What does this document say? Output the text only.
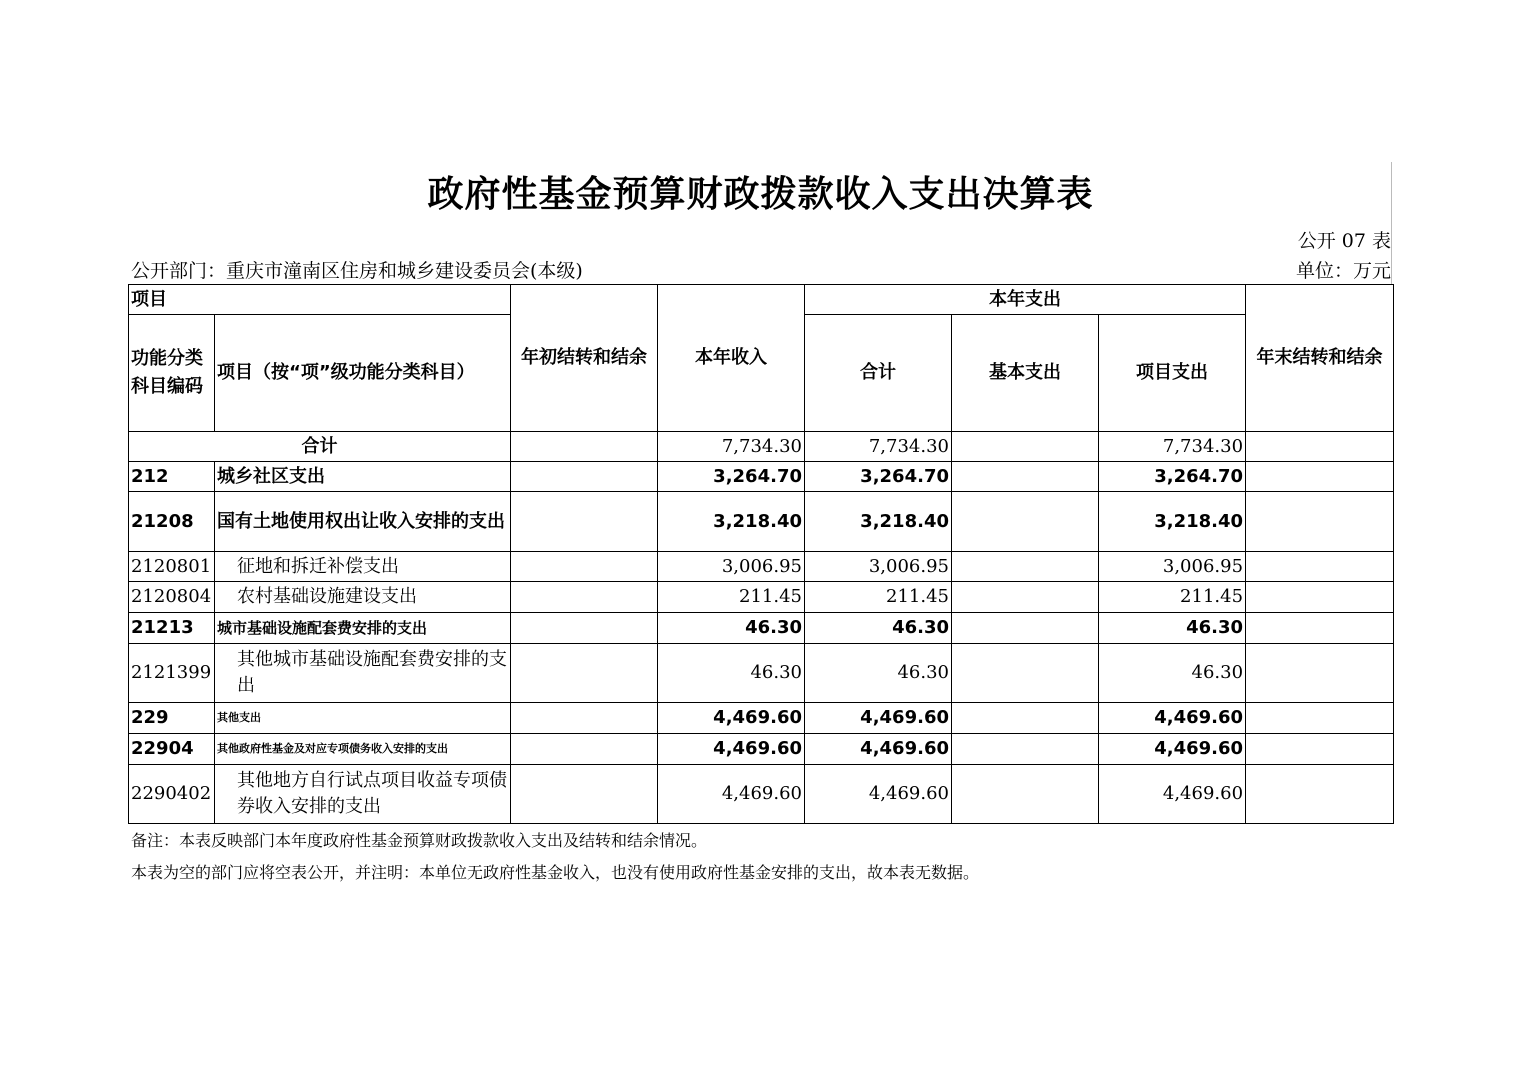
政府性基金预算财政拨款收入支出决算表
公开 07 表
公开部门：重庆市潼南区住房和城乡建设委员会(本级)	单位：万元
项目		年初结转和结余	本年收入	本年支出			年末结转和结余
功能分类科目编码	项目（按“项”级功能分类科目）			合计	基本支出	项目支出	
合计			7,734.30	7,734.30		7,734.30	
212	城乡社区支出		3,264.70	3,264.70		3,264.70	
21208	国有土地使用权出让收入安排的支出		3,218.40	3,218.40		3,218.40	
2120801	征地和拆迁补偿支出		3,006.95	3,006.95		3,006.95	
2120804	农村基础设施建设支出		211.45	211.45		211.45	
21213	城市基础设施配套费安排的支出		46.30	46.30		46.30	
2121399	其他城市基础设施配套费安排的支出		46.30	46.30		46.30	
229	其他支出		4,469.60	4,469.60		4,469.60	
22904	其他政府性基金及对应专项债务收入安排的支出		4,469.60	4,469.60		4,469.60	
2290402	其他地方自行试点项目收益专项债券收入安排的支出		4,469.60	4,469.60		4,469.60	
备注：本表反映部门本年度政府性基金预算财政拨款收入支出及结转和结余情况。
本表为空的部门应将空表公开，并注明：本单位无政府性基金收入，也没有使用政府性基金安排的支出，故本表无数据。
